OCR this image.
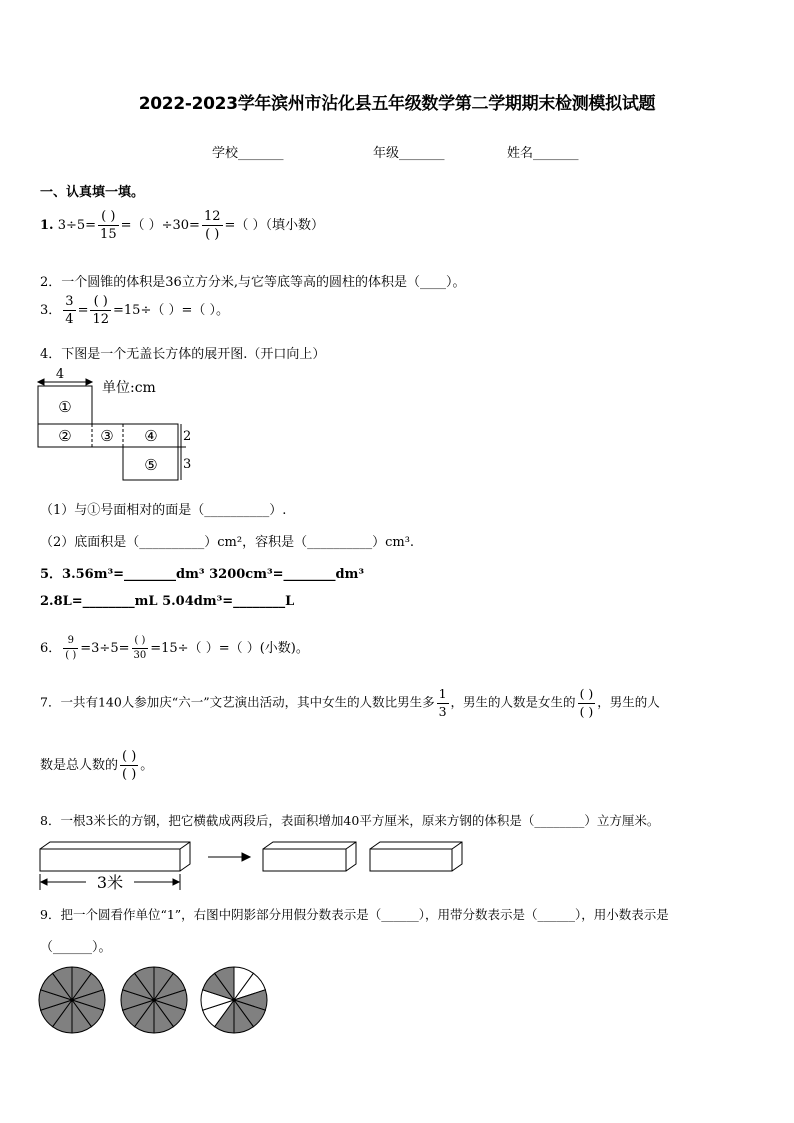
2022-2023学年滨州市沾化县五年级数学第二学期期末检测模拟试题
学校_______	年级_______	姓名_______
一、认真填一填。
1. 3÷5=
( )
15
=（ ）÷30=
12
( )
=（ ）（填小数）
2．一个圆锥的体积是36立方分米,与它等底等高的圆柱的体积是（____）。
3． $\frac{3}{4}$ =
( )
12
=15÷（ ）=（ ）。
4．下图是一个无盖长方体的展开图.（开口向上）
4
单位:cm
①
② ③ ④
⑤
2
3
（1）与①号面相对的面是（__________）.
（2）底面积是（__________）cm²，容积是（__________）cm³.
5．3.56m³=________dm³ 3200cm³=________dm³
2.8L=________mL 5.04dm³=________L
6．
9
( ) =3÷5=
( )
30 =15÷（ ）=（ ）(小数)。
7．一共有140人参加庆“六一”文艺演出活动，其中女生的人数比男生多 $\frac{1}{3}$ ，男生的人数是女生的
( )
( )
，男生的人
数是总人数的
( )
( )
。
8．一根3米长的方钢，把它横截成两段后，表面积增加40平方厘米，原来方钢的体积是（________）立方厘米。
3米
9．把一个圆看作单位“1”，右图中阴影部分用假分数表示是（______），用带分数表示是（______），用小数表示是
（______）。
